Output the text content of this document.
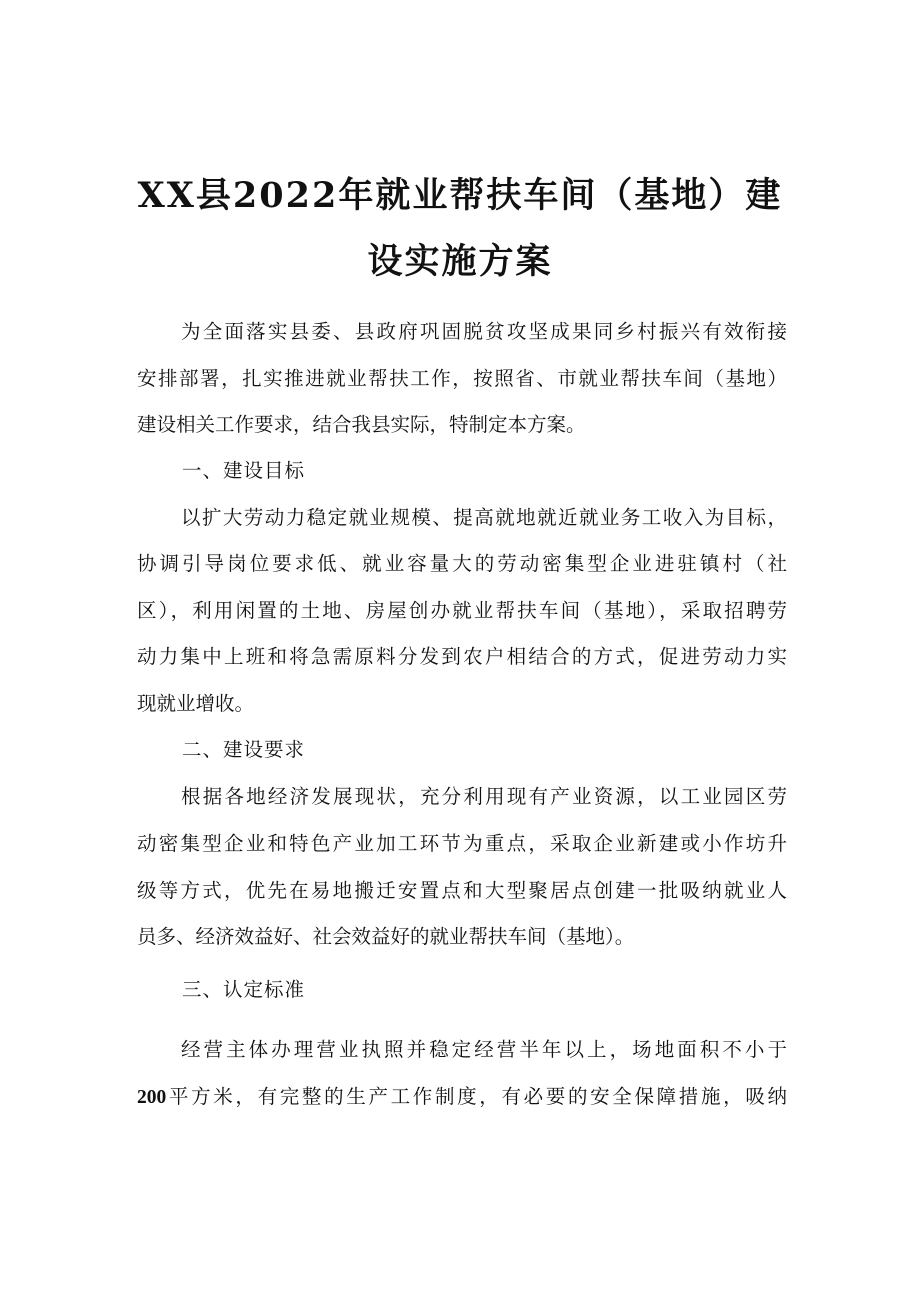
XX县2022年就业帮扶车间（基地）建
设实施方案

为全面落实县委、县政府巩固脱贫攻坚成果同乡村振兴有效衔接

安排部署，扎实推进就业帮扶工作，按照省、市就业帮扶车间（基地）

建设相关工作要求，结合我县实际，特制定本方案。

一、建设目标

以扩大劳动力稳定就业规模、提高就地就近就业务工收入为目标，

协调引导岗位要求低、就业容量大的劳动密集型企业进驻镇村（社

区），利用闲置的土地、房屋创办就业帮扶车间（基地），采取招聘劳

动力集中上班和将急需原料分发到农户相结合的方式，促进劳动力实

现就业增收。

二、建设要求

根据各地经济发展现状，充分利用现有产业资源，以工业园区劳

动密集型企业和特色产业加工环节为重点，采取企业新建或小作坊升

级等方式，优先在易地搬迁安置点和大型聚居点创建一批吸纳就业人

员多、经济效益好、社会效益好的就业帮扶车间（基地）。

三、认定标准

经营主体办理营业执照并稳定经营半年以上，场地面积不小于

200平方米，有完整的生产工作制度，有必要的安全保障措施，吸纳
